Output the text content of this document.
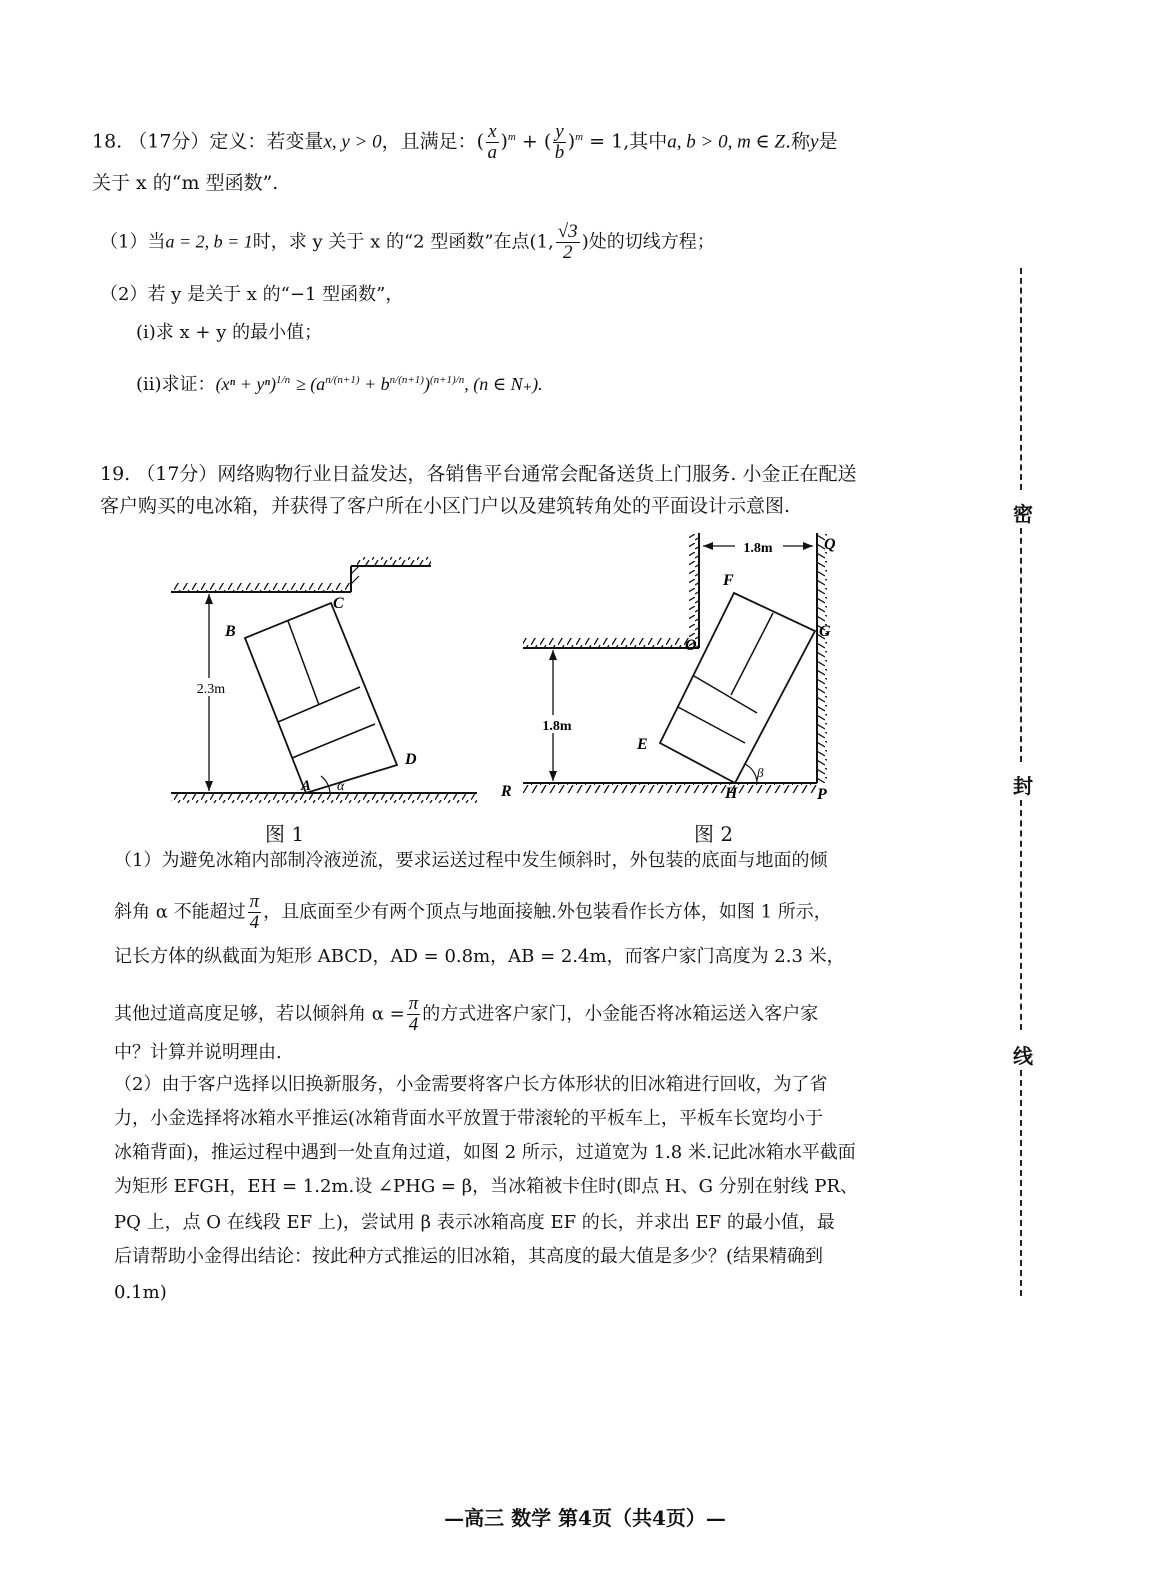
18. （17分）定义：若变量x, y > 0，且满足：( $\frac{x}{a} )^m$ + ( $\frac{y}{b} )^m = 1$,其中a, b > 0, m ∈ Z.称y是
关于 x 的“m 型函数”.
（1）当a = 2, b = 1时，求 y 关于 x 的“2 型函数”在点(1, $\frac{√3}{2}$ )处的切线方程；
（2）若 y 是关于 x 的“−1 型函数”，
(i)求 x + y 的最小值；
(ii)求证：$(x^n + y^n)^{1/n} \ge (a^{n/(n+1)} + b^{n/(n+1)})^{(n+1)/n}$, (n ∈ N₊).
19. （17分）网络购物行业日益发达，各销售平台通常会配备送货上门服务. 小金正在配送
客户购买的电冰箱，并获得了客户所在小区门户以及建筑转角处的平面设计示意图.
2.3m
B
C
D
A α
图 1
1.8m
1.8m
F
G
O
E
H
Q
R	P
β
图 2
（1）为避免冰箱内部制冷液逆流，要求运送过程中发生倾斜时，外包装的底面与地面的倾
斜角 α 不能超过 $\frac{\pi}{4}$ ，且底面至少有两个顶点与地面接触.外包装看作长方体，如图 1 所示，
记长方体的纵截面为矩形 ABCD，AD = 0.8m，AB = 2.4m，而客户家门高度为 2.3 米，
其他过道高度足够，若以倾斜角 $\alpha = \frac{\pi}{4}$ 的方式进客户家门，小金能否将冰箱运送入客户家
中？计算并说明理由.
（2）由于客户选择以旧换新服务，小金需要将客户长方体形状的旧冰箱进行回收，为了省
力，小金选择将冰箱水平推运(冰箱背面水平放置于带滚轮的平板车上，平板车长宽均小于
冰箱背面)，推运过程中遇到一处直角过道，如图 2 所示，过道宽为 1.8 米.记此冰箱水平截面
为矩形 EFGH，EH = 1.2m.设 ∠PHG = β，当冰箱被卡住时(即点 H、G 分别在射线 PR、
PQ 上，点 O 在线段 EF 上)，尝试用 β 表示冰箱高度 EF 的长，并求出 EF 的最小值，最
后请帮助小金得出结论：按此种方式推运的旧冰箱，其高度的最大值是多少？(结果精确到
0.1m)
密
封
线
—高三 数学 第4页（共4页）—
